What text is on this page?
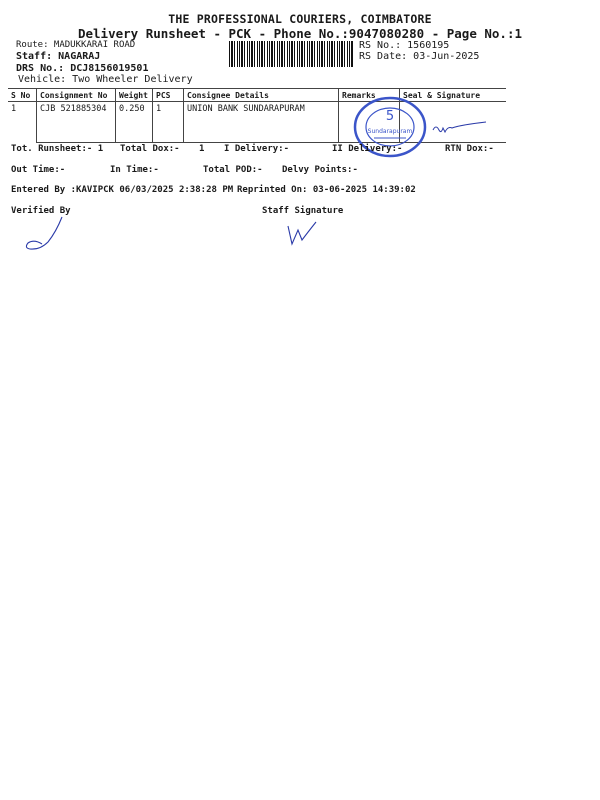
THE PROFESSIONAL COURIERS, COIMBATORE
Delivery Runsheet - PCK - Phone No.:9047080280 - Page No.:1
Route: MADUKKARAI ROAD
Staff: NAGARAJ
DRS No.: DCJ8156019501
Vehicle: Two Wheeler Delivery
RS No.: 1560195
RS Date: 03-Jun-2025
S No	Consignment No	Weight	PCS	Consignee Details	Remarks	Seal & Signature
1	CJB 521885304	0.250	1	UNION BANK SUNDARAPURAM			5
Sundarapuram
Tot. Runsheet:- 1 Total Dox:- 1 I Delivery:-	II Delivery:-	RTN Dox:-
Out Time:-	In Time:-	Total POD:- Delvy Points:-
Entered By :KAVIPCK 06/03/2025 2:38:28 PM Reprinted On: 03-06-2025 14:39:02
Verified By	Staff Signature
